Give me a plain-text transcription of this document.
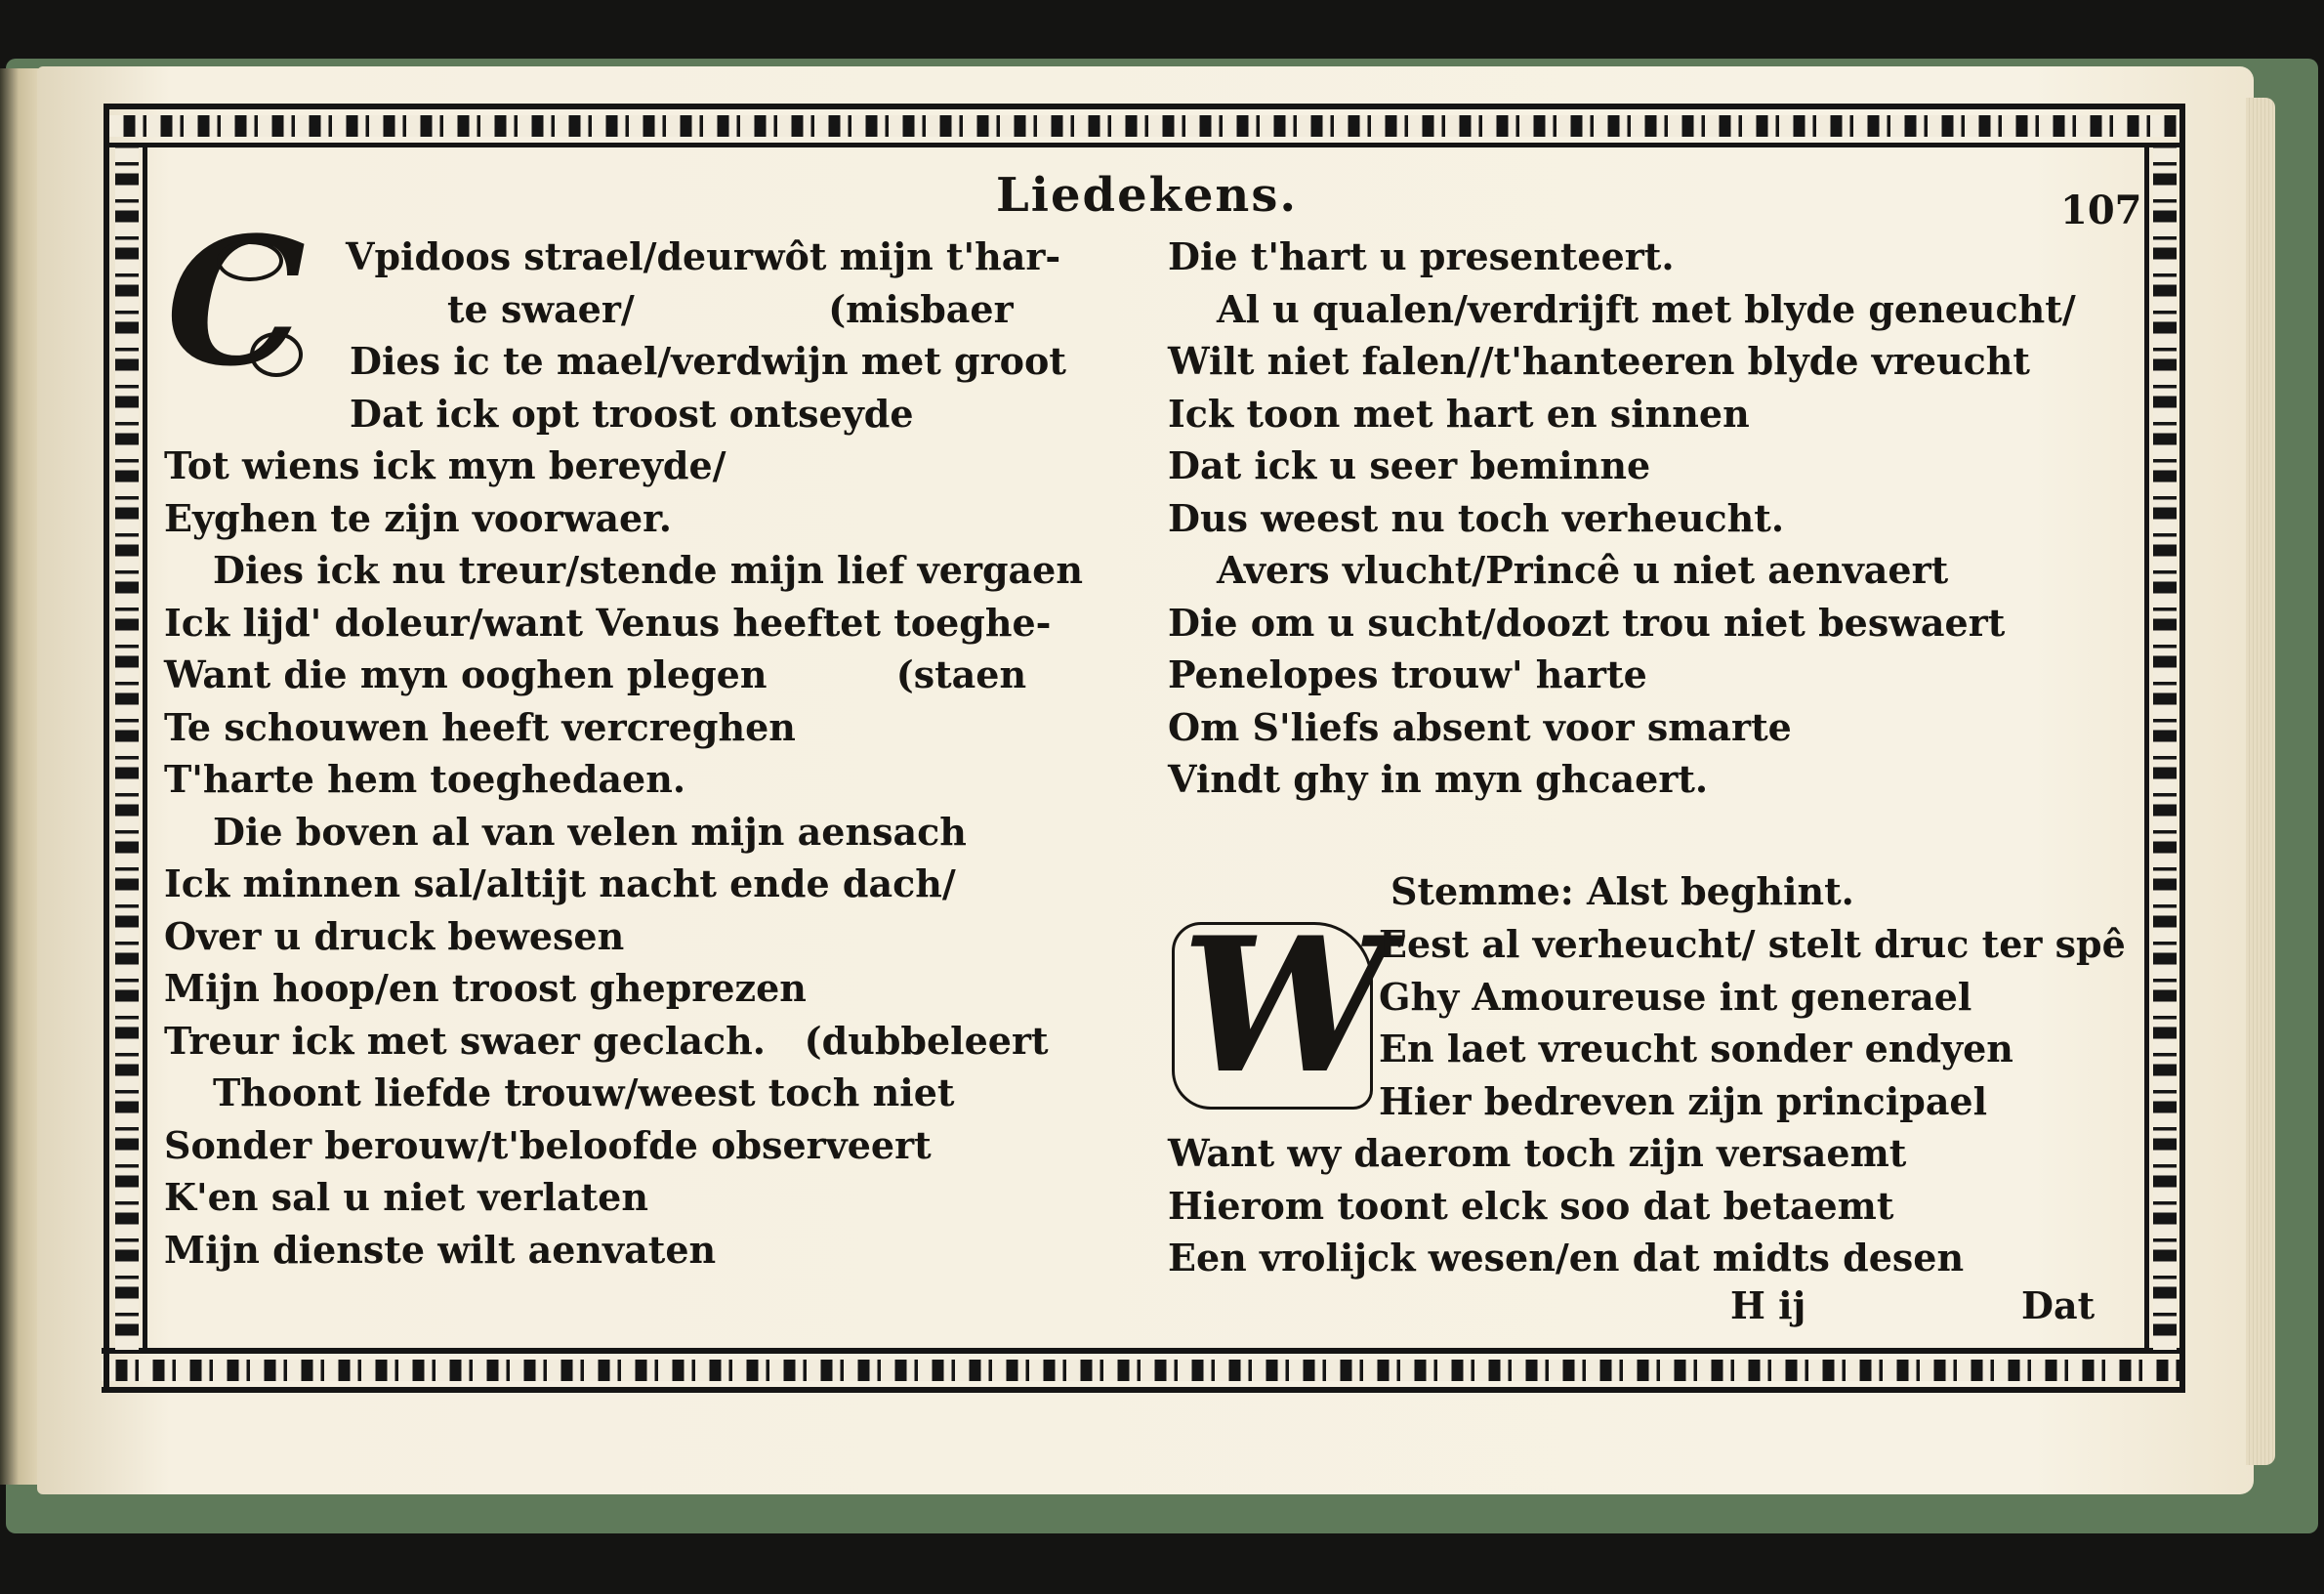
Liedekens.	107
C	Vpidoos strael/deurwôt mijn t'har-
te swaer/               (misbaer
Dies ic te mael/verdwijn met groot
Dat ick opt troost ontseyde
Tot wiens ick myn bereyde/
Eyghen te zijn voorwaer.
Dies ick nu treur/stende mijn lief vergaen
Ick lijd' doleur/want Venus heeftet toeghe-
Want die myn ooghen plegen          (staen
Te schouwen heeft vercreghen
T'harte hem toeghedaen.
Die boven al van velen mijn aensach
Ick minnen sal/altijt nacht ende dach/
Over u druck bewesen
Mijn hoop/en troost gheprezen
Treur ick met swaer geclach.   (dubbeleert
Thoont liefde trouw/weest toch niet
Sonder berouw/t'beloofde observeert
K'en sal u niet verlaten
Mijn dienste wilt aenvaten
Die t'hart u presenteert.
Al u qualen/verdrijft met blyde geneucht/
Wilt niet falen//t'hanteeren blyde vreucht
Ick toon met hart en sinnen
Dat ick u seer beminne
Dus weest nu toch verheucht.
Avers vlucht/Princê u niet aenvaert
Die om u sucht/doozt trou niet beswaert
Penelopes trouw' harte
Om S'liefs absent voor smarte
Vindt ghy in myn ghcaert.
Stemme: Alst beghint.
W
Eest al verheucht/ stelt druc ter spê
Ghy Amoureuse int generael
En laet vreucht sonder endyen
Hier bedreven zijn principael
Want wy daerom toch zijn versaemt
Hierom toont elck soo dat betaemt
Een vrolijck wesen/en dat midts desen
H ij	Dat
